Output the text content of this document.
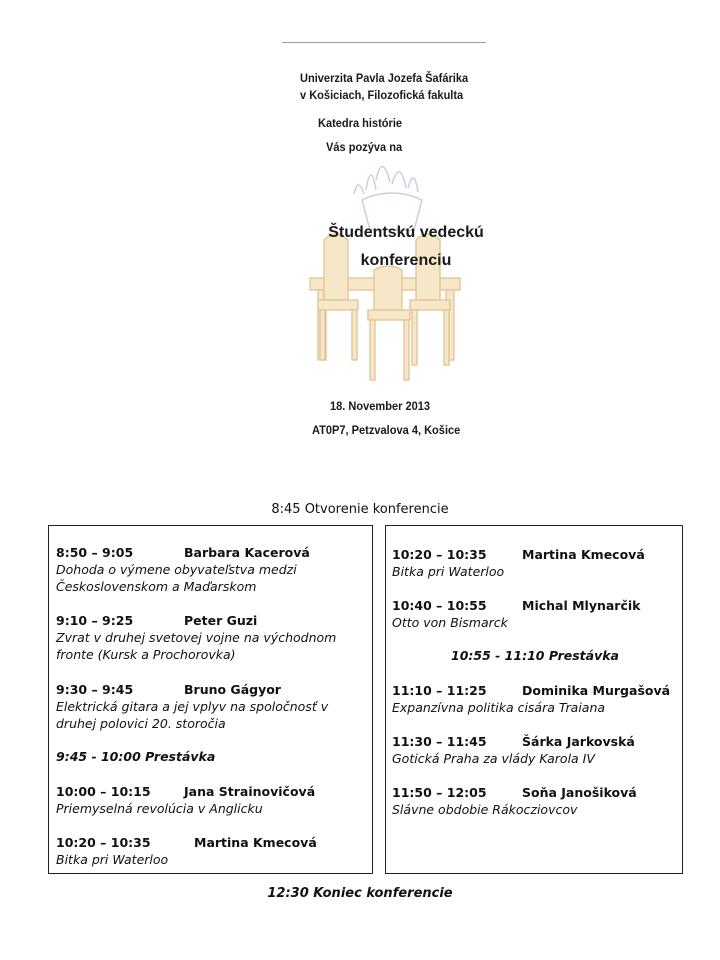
Univerzita Pavla Jozefa Šafárika
v Košiciach, Filozofická fakulta
Katedra histórie
Vás pozýva na
Študentskú vedeckú
konferenciu
18. November 2013
AT0P7, Petzvalova 4, Košice
8:45 Otvorenie konferencie
8:50 – 9:05	Barbara Kacerová
Dohoda o výmene obyvateľstva medzi
Československom a Maďarskom
9:10 – 9:25	Peter Guzi
Zvrat v druhej svetovej vojne na východnom
fronte (Kursk a Prochorovka)
9:30 – 9:45	Bruno Gágyor
Elektrická gitara a jej vplyv na spoločnosť v
druhej polovici 20. storočia
9:45 - 10:00 Prestávka
10:00 – 10:15	Jana Strainovičová
Priemyselná revolúcia v Anglicku
10:20 – 10:35	Martina Kmecová
Bitka pri Waterloo
10:20 – 10:35	Martina Kmecová
Bitka pri Waterloo
10:40 – 10:55	Michal Mlynarčik
Otto von Bismarck
10:55 - 11:10 Prestávka
11:10 – 11:25	Dominika Murgašová
Expanzívna politika cisára Traiana
11:30 – 11:45	Šárka Jarkovská
Gotická Praha za vlády Karola IV
11:50 – 12:05	Soňa Janošiková
Slávne obdobie Rákocziovcov
12:30 Koniec konferencie
